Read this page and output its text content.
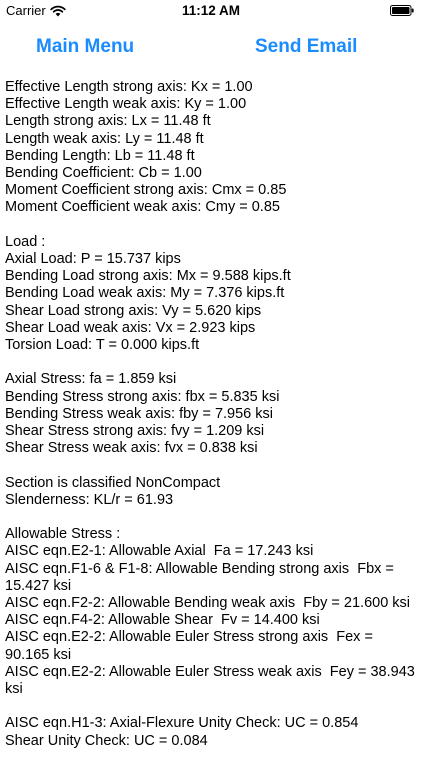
Carrier	11:12 AM
Main Menu	Send Email
Effective Length strong axis: Kx = 1.00
Effective Length weak axis: Ky = 1.00
Length strong axis: Lx = 11.48 ft
Length weak axis: Ly = 11.48 ft
Bending Length: Lb = 11.48 ft
Bending Coefficient: Cb = 1.00
Moment Coefficient strong axis: Cmx = 0.85
Moment Coefficient weak axis: Cmy = 0.85
Load :
Axial Load: P = 15.737 kips
Bending Load strong axis: Mx = 9.588 kips.ft
Bending Load weak axis: My = 7.376 kips.ft
Shear Load strong axis: Vy = 5.620 kips
Shear Load weak axis: Vx = 2.923 kips
Torsion Load: T = 0.000 kips.ft
Axial Stress: fa = 1.859 ksi
Bending Stress strong axis: fbx = 5.835 ksi
Bending Stress weak axis: fby = 7.956 ksi
Shear Stress strong axis: fvy = 1.209 ksi
Shear Stress weak axis: fvx = 0.838 ksi
Section is classified NonCompact
Slenderness: KL/r = 61.93
Allowable Stress :
AISC eqn.E2-1: Allowable Axial  Fa = 17.243 ksi
AISC eqn.F1-6 & F1-8: Allowable Bending strong axis  Fbx = 15.427 ksi
AISC eqn.F2-2: Allowable Bending weak axis  Fby = 21.600 ksi
AISC eqn.F4-2: Allowable Shear  Fv = 14.400 ksi
AISC eqn.E2-2: Allowable Euler Stress strong axis  Fex = 90.165 ksi
AISC eqn.E2-2: Allowable Euler Stress weak axis  Fey = 38.943 ksi
AISC eqn.H1-3: Axial-Flexure Unity Check: UC = 0.854
Shear Unity Check: UC = 0.084
